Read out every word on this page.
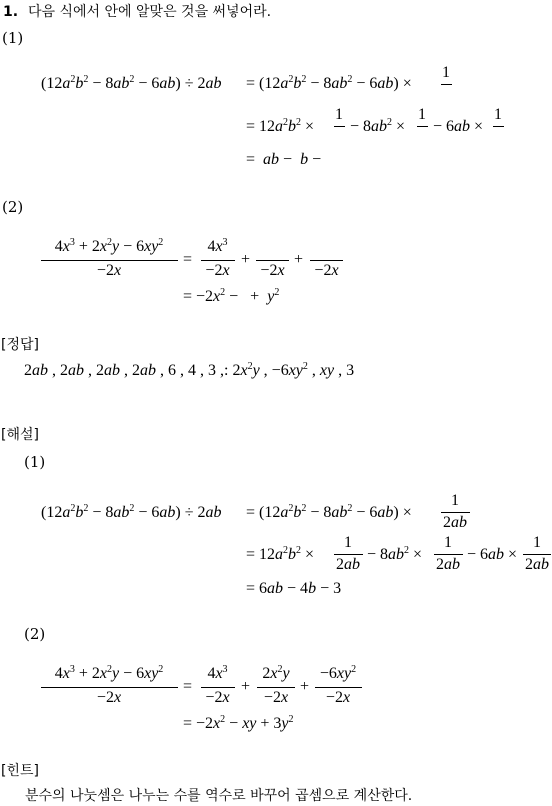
1. 다음 식에서 안에 알맞은 것을 써넣어라.
(1)
$(12a^2b^2 - 8ab^2 - 6ab) \div 2ab = (12a^2b^2 - 8ab^2 - 6ab)$ ×
1
= $12a^2b^2$ ×
1
− $8ab^2$ ×
1
− 6ab ×
1
=  ab −  b −
(2)
$4x^3 + 2x^2y - 6xy^2$
−2x
=
$4x^3$
−2x
+
−2x
+
−2x
= $-2x^2$ −   +  $y^2$
[정답]
2ab , 2ab , 2ab , 2ab , 6 , 4 , 3 ,: $2x^2y$ , $-6xy^2$ , xy , 3
[해설]
(1)
$(12a^2b^2 - 8ab^2 - 6ab) \div 2ab = (12a^2b^2 - 8ab^2 - 6ab)$ ×
1
2ab
= $12a^2b^2$ ×
1
2ab
− $8ab^2$ ×
1
2ab
− 6ab ×
1
2ab
= 6ab − 4b − 3
(2)
$4x^3 + 2x^2y - 6xy^2$
−2x
=
$4x^3$
−2x
+
$2x^2y$
−2x
+
$-6xy^2$
−2x
= $-2x^2$ − xy + $3y^2$
[힌트]
분수의 나눗셈은 나누는 수를 역수로 바꾸어 곱셈으로 계산한다.
